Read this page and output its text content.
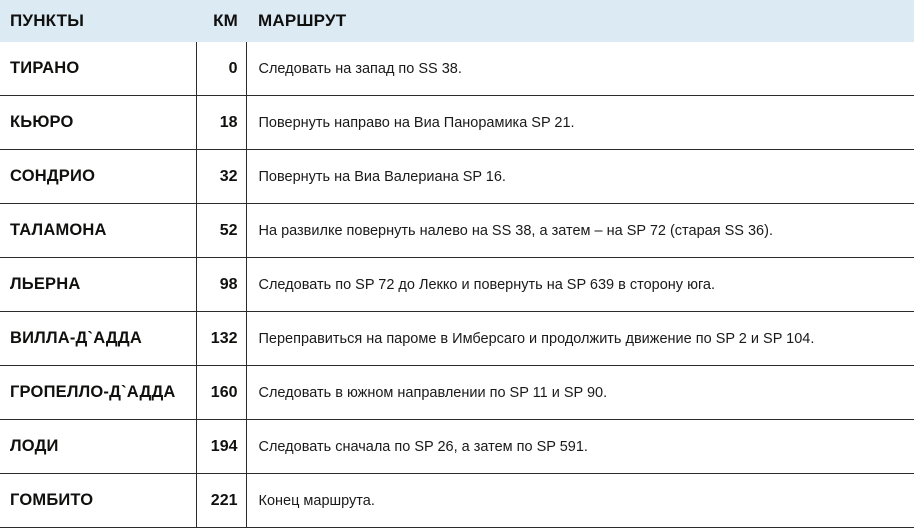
ПУНКТЫ	КМ	МАРШРУТ
ТИРАНО	0	Следовать на запад по SS 38.
КЬЮРО	18	Повернуть направо на Виа Панорамика SP 21.
СОНДРИО	32	Повернуть на Виа Валериана SP 16.
ТАЛАМОНА	52	На развилке повернуть налево на SS 38, а затем – на SP 72 (старая SS 36).
ЛЬЕРНА	98	Следовать по SP 72 до Лекко и повернуть на SP 639 в сторону юга.
ВИЛЛА-Д`АДДА	132	Переправиться на пароме в Имберсаго и продолжить движение по SP 2 и SP 104.
ГРОПЕЛЛО-Д`АДДА	160	Следовать в южном направлении по SP 11 и SP 90.
ЛОДИ	194	Следовать сначала по SP 26, а затем по SP 591.
ГОМБИТО	221	Конец маршрута.
